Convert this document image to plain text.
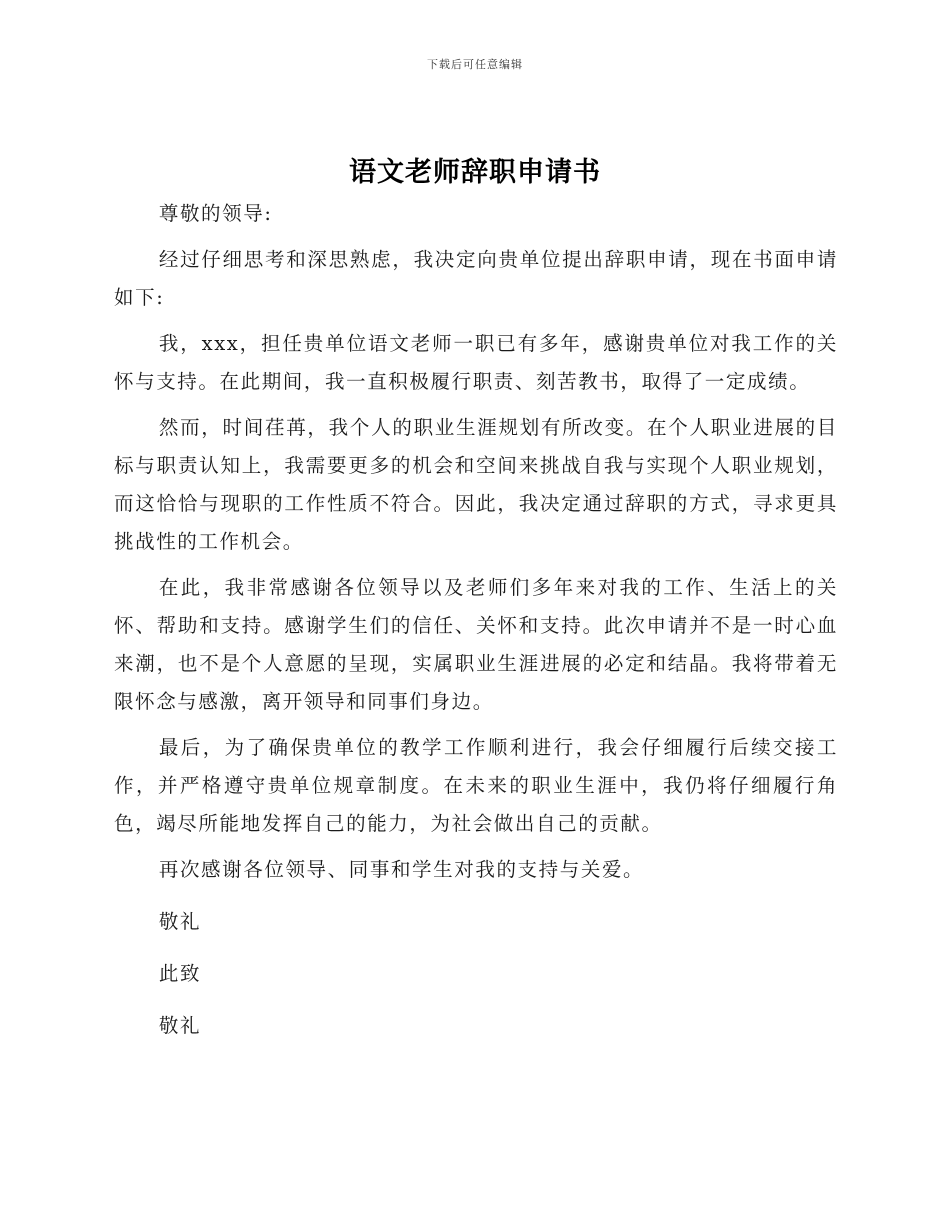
下载后可任意编辑
语文老师辞职申请书

尊敬的领导:

经过仔细思考和深思熟虑，我决定向贵单位提出辞职申请，现在书面申请如下:

我，xxx，担任贵单位语文老师一职已有多年，感谢贵单位对我工作的关怀与支持。在此期间，我一直积极履行职责、刻苦教书，取得了一定成绩。

然而，时间荏苒，我个人的职业生涯规划有所改变。在个人职业进展的目标与职责认知上，我需要更多的机会和空间来挑战自我与实现个人职业规划，而这恰恰与现职的工作性质不符合。因此，我决定通过辞职的方式，寻求更具挑战性的工作机会。

在此，我非常感谢各位领导以及老师们多年来对我的工作、生活上的关怀、帮助和支持。感谢学生们的信任、关怀和支持。此次申请并不是一时心血来潮，也不是个人意愿的呈现，实属职业生涯进展的必定和结晶。我将带着无限怀念与感激，离开领导和同事们身边。

最后，为了确保贵单位的教学工作顺利进行，我会仔细履行后续交接工作，并严格遵守贵单位规章制度。在未来的职业生涯中，我仍将仔细履行角色，竭尽所能地发挥自己的能力，为社会做出自己的贡献。

再次感谢各位领导、同事和学生对我的支持与关爱。

敬礼

此致

敬礼
